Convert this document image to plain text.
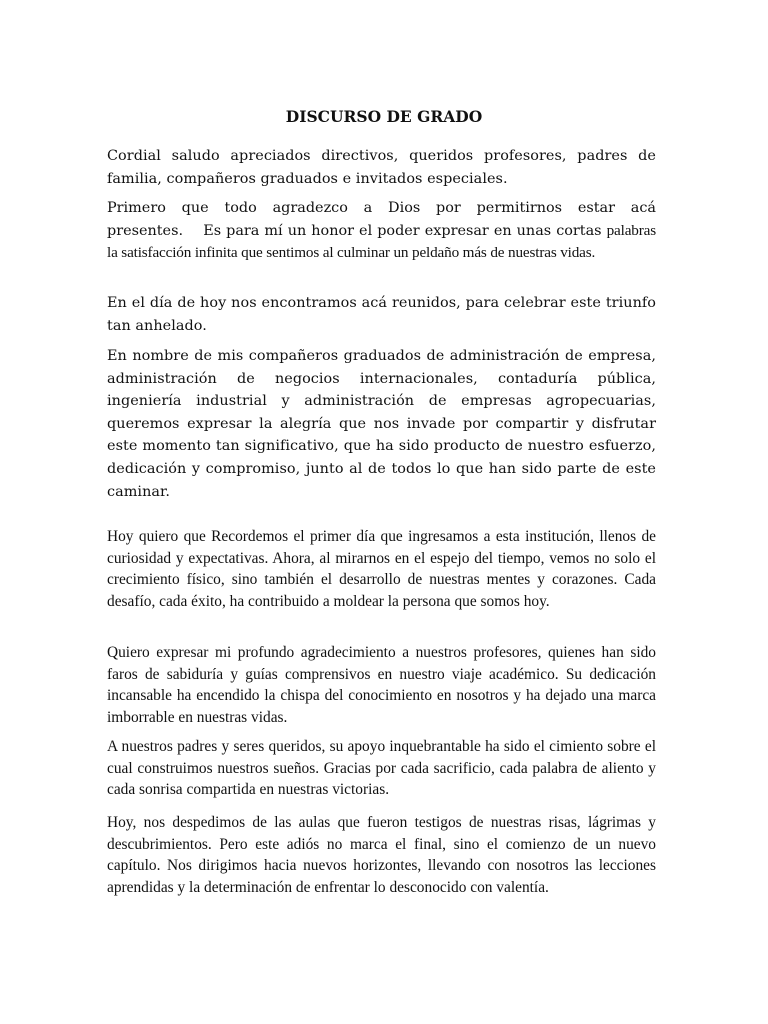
DISCURSO DE GRADO

Cordial saludo apreciados directivos, queridos profesores, padres de familia, compañeros graduados e invitados especiales.

Primero que todo agradezco a Dios por permitirnos estar acá presentes. Es para mí un honor el poder expresar en unas cortas palabras la satisfacción infinita que sentimos al culminar un peldaño más de nuestras vidas.

En el día de hoy nos encontramos acá reunidos, para celebrar este triunfo tan anhelado.

En nombre de mis compañeros graduados de administración de empresa, administración de negocios internacionales, contaduría pública, ingeniería industrial y administración de empresas agropecuarias, queremos expresar la alegría que nos invade por compartir y disfrutar este momento tan significativo, que ha sido producto de nuestro esfuerzo, dedicación y compromiso, junto al de todos lo que han sido parte de este caminar.

Hoy quiero que Recordemos el primer día que ingresamos a esta institución, llenos de curiosidad y expectativas. Ahora, al mirarnos en el espejo del tiempo, vemos no solo el crecimiento físico, sino también el desarrollo de nuestras mentes y corazones. Cada desafío, cada éxito, ha contribuido a moldear la persona que somos hoy.

Quiero expresar mi profundo agradecimiento a nuestros profesores, quienes han sido faros de sabiduría y guías comprensivos en nuestro viaje académico. Su dedicación incansable ha encendido la chispa del conocimiento en nosotros y ha dejado una marca imborrable en nuestras vidas.

A nuestros padres y seres queridos, su apoyo inquebrantable ha sido el cimiento sobre el cual construimos nuestros sueños. Gracias por cada sacrificio, cada palabra de aliento y cada sonrisa compartida en nuestras victorias.

Hoy, nos despedimos de las aulas que fueron testigos de nuestras risas, lágrimas y descubrimientos. Pero este adiós no marca el final, sino el comienzo de un nuevo capítulo. Nos dirigimos hacia nuevos horizontes, llevando con nosotros las lecciones aprendidas y la determinación de enfrentar lo desconocido con valentía.
